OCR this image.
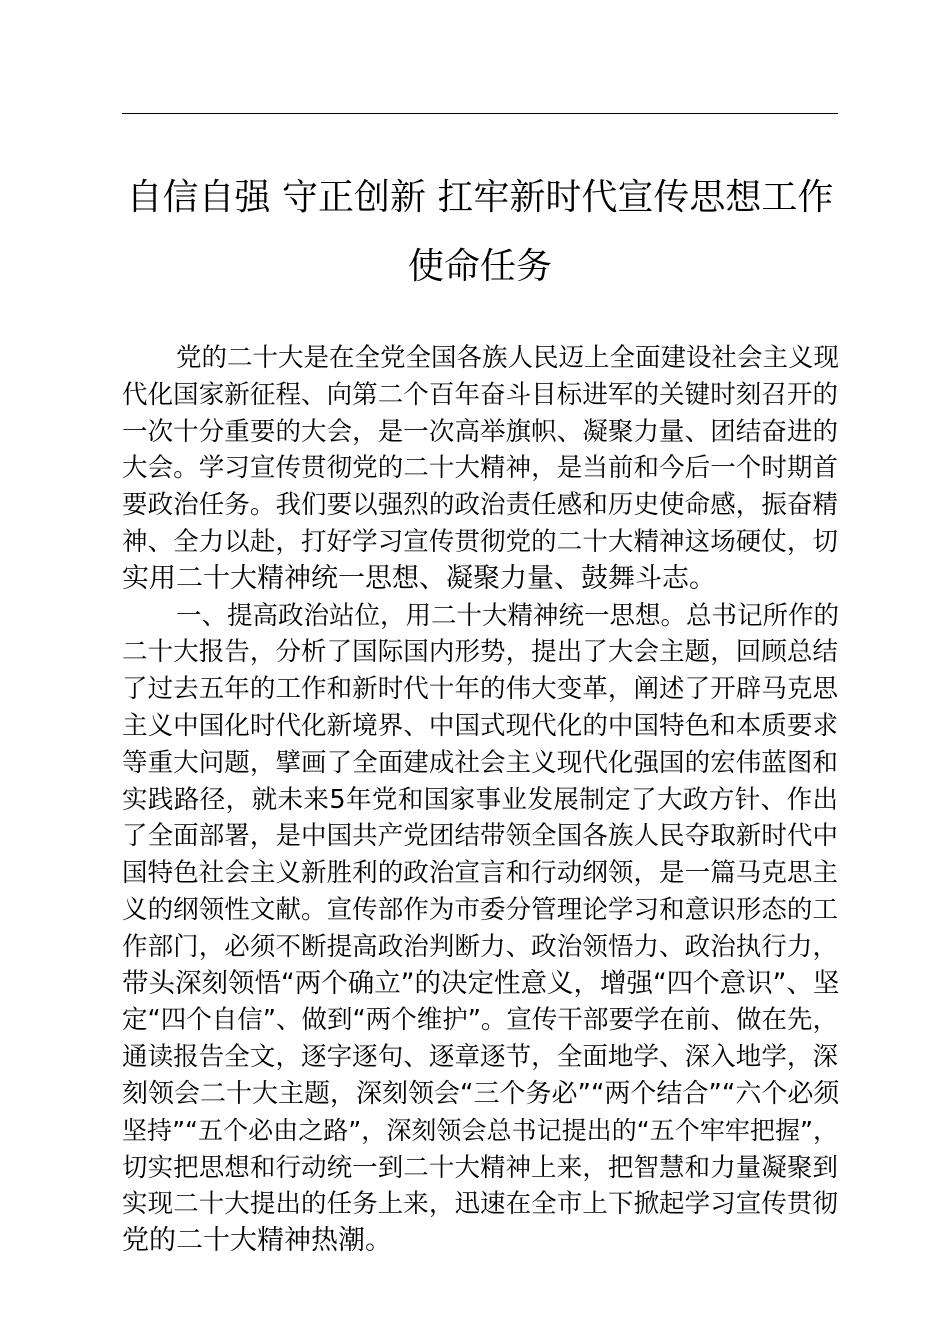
自信自强 守正创新 扛牢新时代宣传思想工作
使命任务
党的二十大是在全党全国各族人民迈上全面建设社会主义现
代化国家新征程、向第二个百年奋斗目标进军的关键时刻召开的
一次十分重要的大会，是一次高举旗帜、凝聚力量、团结奋进的
大会。学习宣传贯彻党的二十大精神，是当前和今后一个时期首
要政治任务。我们要以强烈的政治责任感和历史使命感，振奋精
神、全力以赴，打好学习宣传贯彻党的二十大精神这场硬仗，切
实用二十大精神统一思想、凝聚力量、鼓舞斗志。
一、提高政治站位，用二十大精神统一思想。总书记所作的
二十大报告，分析了国际国内形势，提出了大会主题，回顾总结
了过去五年的工作和新时代十年的伟大变革，阐述了开辟马克思
主义中国化时代化新境界、中国式现代化的中国特色和本质要求
等重大问题，擘画了全面建成社会主义现代化强国的宏伟蓝图和
实践路径，就未来5年党和国家事业发展制定了大政方针、作出
了全面部署，是中国共产党团结带领全国各族人民夺取新时代中
国特色社会主义新胜利的政治宣言和行动纲领，是一篇马克思主
义的纲领性文献。宣传部作为市委分管理论学习和意识形态的工
作部门，必须不断提高政治判断力、政治领悟力、政治执行力，
带头深刻领悟“两个确立”的决定性意义，增强“四个意识”、坚
定“四个自信”、做到“两个维护”。宣传干部要学在前、做在先，
通读报告全文，逐字逐句、逐章逐节，全面地学、深入地学，深
刻领会二十大主题，深刻领会“三个务必”“两个结合”“六个必须
坚持”“五个必由之路”，深刻领会总书记提出的“五个牢牢把握”，
切实把思想和行动统一到二十大精神上来，把智慧和力量凝聚到
实现二十大提出的任务上来，迅速在全市上下掀起学习宣传贯彻
党的二十大精神热潮。
